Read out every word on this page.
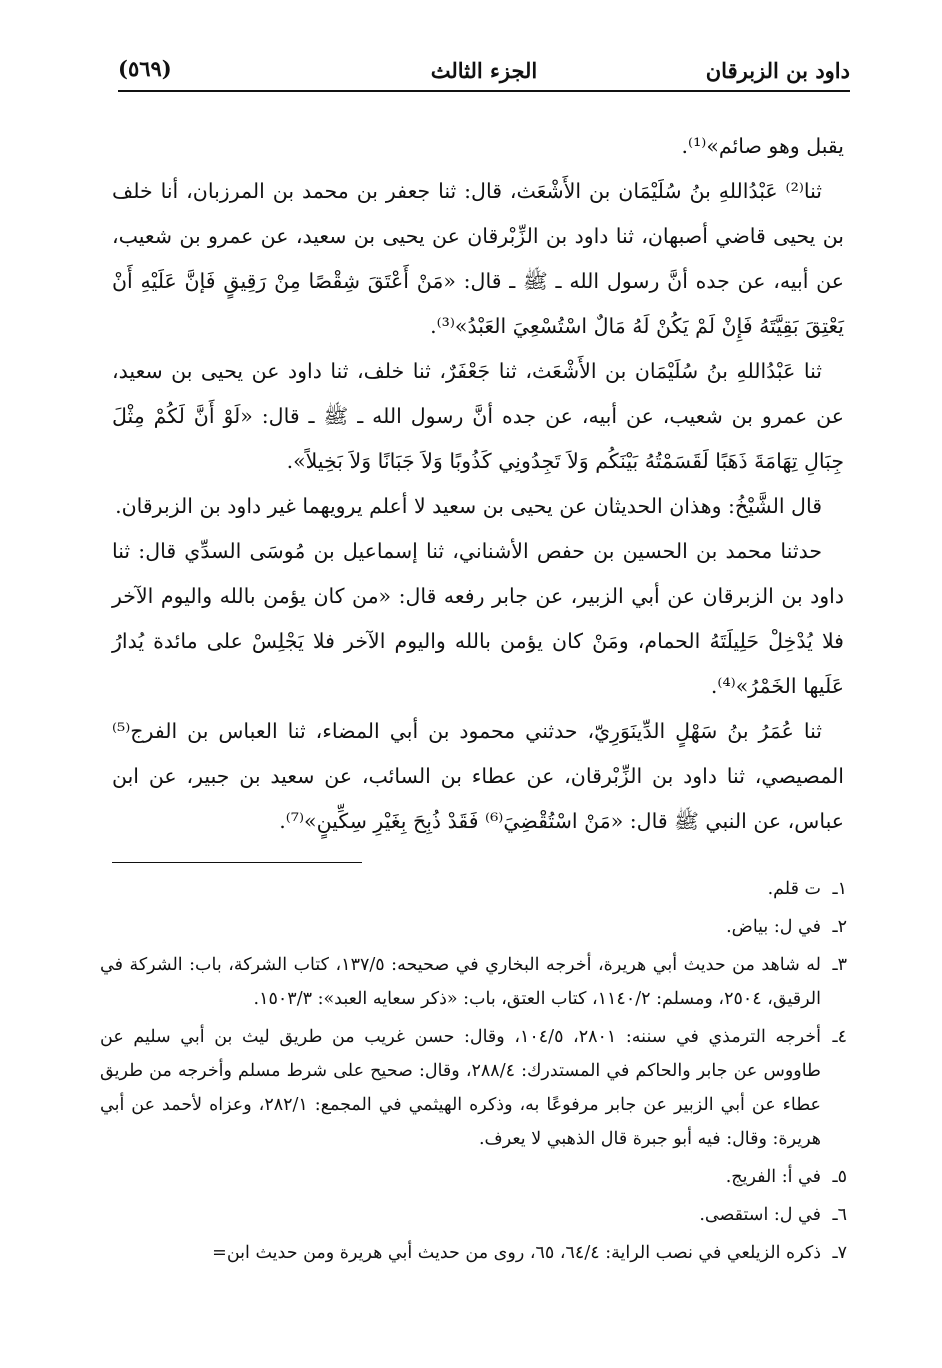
داود بن الزبرقان
الجزء الثالث
(٥٦٩)

يقبل وهو صائم»⁽¹⁾.

ثنا⁽²⁾ عَبْدُاللهِ بنُ سُلَيْمَان بن الأَشْعَث، قال: ثنا جعفر بن محمد بن المرزبان، أنا خلف بن يحيى قاضي أصبهان، ثنا داود بن الزِّبْرقان عن يحيى بن سعيد، عن عمرو بن شعيب، عن أبيه، عن جده أنَّ رسول الله ـ ﷺ ـ قال: «مَنْ أَعْتَقَ شِقْصًا مِنْ رَقِيقٍ فَإنَّ عَلَيْهِ أَنْ يَعْتِقَ بَقِيَّتَهُ فَإِنْ لَمْ يَكُنْ لَهُ مَالٌ اسْتُسْعِيَ العَبْدُ»⁽³⁾.

ثنا عَبْدُاللهِ بنُ سُلَيْمَان بن الأَشْعَث، ثنا جَعْفَرٌ، ثنا خلف، ثنا داود عن يحيى بن سعيد، عن عمرو بن شعيب، عن أبيه، عن جده أنَّ رسول الله ـ ﷺ ـ قال: «لَوْ أَنَّ لَكُمْ مِثْلَ جِبَالِ تِهَامَةَ ذَهَبًا لَقَسَمْتُهُ بَيْنَكُم وَلاَ تَجِدُونِي كَذُوبًا وَلاَ جَبَانًا وَلاَ بَخِيلاً».

قال الشَّيْخُ: وهذان الحديثان عن يحيى بن سعيد لا أعلم يرويهما غير داود بن الزبرقان.

حدثنا محمد بن الحسين بن حفص الأشناني، ثنا إسماعيل بن مُوسَى السدِّي قال: ثنا داود بن الزبرقان عن أبي الزبير، عن جابر رفعه قال: «من كان يؤمن بالله واليوم الآخر فلا يُدْخِلْ حَلِيلَتَهُ الحمام، ومَنْ كان يؤمن بالله واليوم الآخر فلا يَجْلِسْ على مائدة يُدارُ عَلَيها الخَمْرُ»⁽⁴⁾.

ثنا عُمَرُ بنُ سَهْلٍ الدِّينَوَرِيّ، حدثني محمود بن أبي المضاء، ثنا العباس بن الفرج⁽⁵⁾ المصيصي، ثنا داود بن الزِّبْرقان، عن عطاء بن السائب، عن سعيد بن جبير، عن ابن عباس، عن النبي ﷺ قال: «مَنْ اسْتُقْضِيَ⁽⁶⁾ فَقَدْ ذُبِحَ بِغَيْرِ سِكِّينٍ»⁽⁷⁾.

١ـت قلم.

٢ـفي ل: بياض.

٣ـله شاهد من حديث أبي هريرة، أخرجه البخاري في صحيحه: ١٣٧/٥، كتاب الشركة، باب: الشركة في الرقيق، ٢٥٠٤، ومسلم: ١١٤٠/٢، كتاب العتق، باب: «ذكر سعايه العبد»: ١٥٠٣/٣.

٤ـأخرجه الترمذي في سننه: ٢٨٠١، ١٠٤/٥، وقال: حسن غريب من طريق ليث بن أبي سليم عن طاووس عن جابر والحاكم في المستدرك: ٢٨٨/٤، وقال: صحيح على شرط مسلم وأخرجه من طريق عطاء عن أبي الزبير عن جابر مرفوعًا به، وذكره الهيثمي في المجمع: ٢٨٢/١، وعزاه لأحمد عن أبي هريرة: وقال: فيه أبو جبرة قال الذهبي لا يعرف.

٥ـفي أ: الفريج.

٦ـفي ل: استقصى.

٧ـذكره الزيلعي في نصب الراية: ٦٤/٤، ٦٥، روى من حديث أبي هريرة ومن حديث ابن=
